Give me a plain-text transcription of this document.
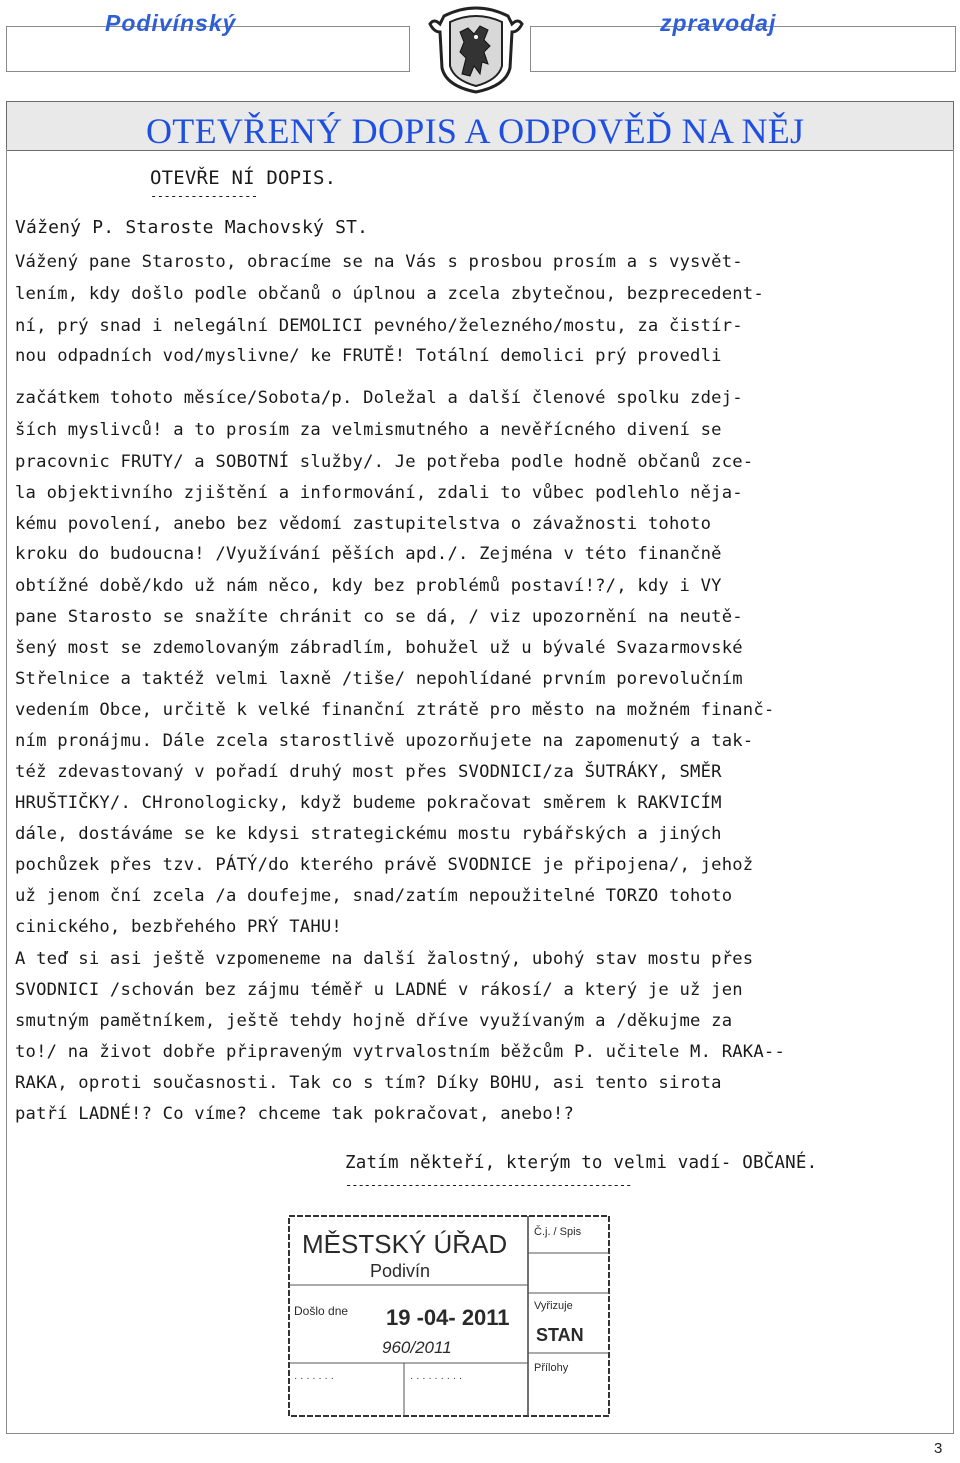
Podivínský	zpravodaj
OTEVŘENÝ DOPIS A ODPOVĚĎ NA NĚJ
OTEVŘE NÍ DOPIS.
----------------
Vážený P. Staroste Machovský ST.
Vážený pane Starosto, obracíme se na Vás s prosbou prosím a s vysvět-
lením, kdy došlo podle občanů o úplnou a zcela zbytečnou, bezprecedent-
ní, prý snad i nelegální DEMOLICI pevného/železného/mostu, za čistír-
nou odpadních vod/myslivne/ ke FRUTĚ! Totální demolici prý provedli
začátkem tohoto měsíce/Sobota/p. Doležal a další členové spolku zdej-
ších myslivců! a to prosím za velmismutného a nevěřícného divení se
pracovnic FRUTY/ a SOBOTNÍ služby/. Je potřeba podle hodně občanů zce-
la objektivního zjištění a informování, zdali to vůbec podlehlo něja-
kému povolení, anebo bez vědomí zastupitelstva o závažnosti tohoto
kroku do budoucna! /Využívání pěších apd./. Zejména v této finančně
obtížné době/kdo už nám něco, kdy bez problémů postaví!?/, kdy i VY
pane Starosto se snažíte chránit co se dá, / viz upozornění na neutě-
šený most se zdemolovaným zábradlím, bohužel už u bývalé Svazarmovské
Střelnice a taktéž velmi laxně /tiše/ nepohlídané prvním porevolučním
vedením Obce, určitě k velké finanční ztrátě pro město na možném finanč-
ním pronájmu. Dále zcela starostlivě upozorňujete na zapomenutý a tak-
též zdevastovaný v pořadí druhý most přes SVODNICI/za ŠUTRÁKY, SMĚR
HRUŠTIČKY/. CHronologicky, když budeme pokračovat směrem k RAKVICÍM
dále, dostáváme se ke kdysi strategickému mostu rybářských a jiných
pochůzek přes tzv. PÁTÝ/do kterého právě SVODNICE je připojena/, jehož
už jenom ční zcela /a doufejme, snad/zatím nepoužitelné TORZO tohoto
cinického, bezbřehého PRÝ TAHU!
A teď si asi ještě vzpomeneme na další žalostný, ubohý stav mostu přes
SVODNICI /schován bez zájmu téměř u LADNÉ v rákosí/ a který je už jen
smutným pamětníkem, ještě tehdy hojně dříve využívaným a /děkujme za
to!/ na život dobře připraveným vytrvalostním běžcům P. učitele M. RAKA--
RAKA, oproti současnosti. Tak co s tím? Díky BOHU, asi tento sirota
patří LADNÉ!? Co víme? chceme tak pokračovat, anebo!?
Zatím někteří, kterým to velmi vadí- OBČANÉ.
----------------------------------------------
MĚSTSKÝ ÚŘAD
Podivín
Došlo dne 19 -04- 2011
960/2011
Č.j. / Spis
Vyřizuje
STAN
Přílohy
· · · · · · ·	· · · · · · · · ·
3
